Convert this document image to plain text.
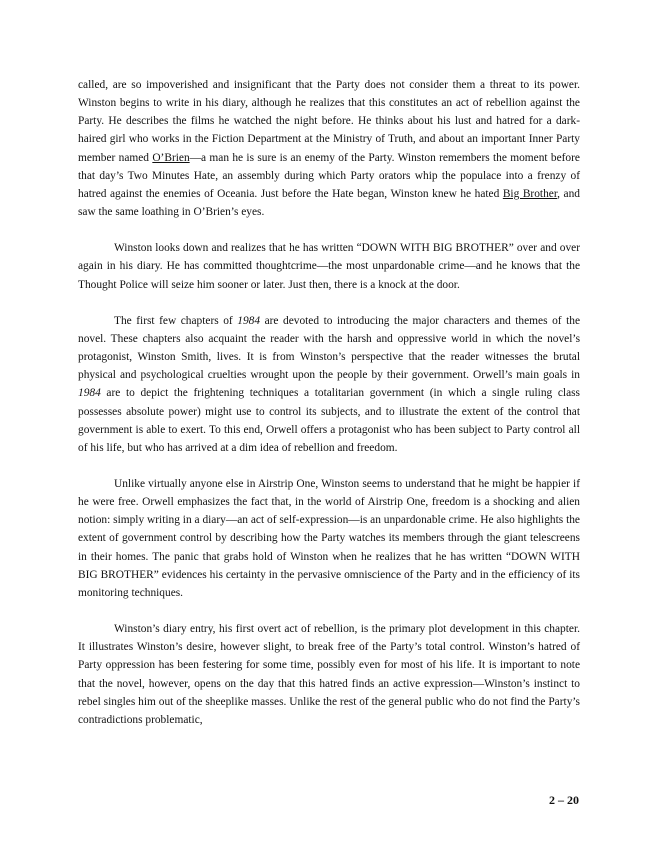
called, are so impoverished and insignificant that the Party does not consider them a threat to its power. Winston begins to write in his diary, although he realizes that this constitutes an act of rebellion against the Party. He describes the films he watched the night before. He thinks about his lust and hatred for a dark-haired girl who works in the Fiction Department at the Ministry of Truth, and about an important Inner Party member named O’Brien—a man he is sure is an enemy of the Party. Winston remembers the moment before that day’s Two Minutes Hate, an assembly during which Party orators whip the populace into a frenzy of hatred against the enemies of Oceania. Just before the Hate began, Winston knew he hated Big Brother, and saw the same loathing in O’Brien’s eyes.

Winston looks down and realizes that he has written “DOWN WITH BIG BROTHER” over and over again in his diary. He has committed thoughtcrime—the most unpardonable crime—and he knows that the Thought Police will seize him sooner or later. Just then, there is a knock at the door.

The first few chapters of 1984 are devoted to introducing the major characters and themes of the novel. These chapters also acquaint the reader with the harsh and oppressive world in which the novel’s protagonist, Winston Smith, lives. It is from Winston’s perspective that the reader witnesses the brutal physical and psychological cruelties wrought upon the people by their government. Orwell’s main goals in 1984 are to depict the frightening techniques a totalitarian government (in which a single ruling class possesses absolute power) might use to control its subjects, and to illustrate the extent of the control that government is able to exert. To this end, Orwell offers a protagonist who has been subject to Party control all of his life, but who has arrived at a dim idea of rebellion and freedom.

Unlike virtually anyone else in Airstrip One, Winston seems to understand that he might be happier if he were free. Orwell emphasizes the fact that, in the world of Airstrip One, freedom is a shocking and alien notion: simply writing in a diary—an act of self-expression—is an unpardonable crime. He also highlights the extent of government control by describing how the Party watches its members through the giant telescreens in their homes. The panic that grabs hold of Winston when he realizes that he has written “DOWN WITH BIG BROTHER” evidences his certainty in the pervasive omniscience of the Party and in the efficiency of its monitoring techniques.

Winston’s diary entry, his first overt act of rebellion, is the primary plot development in this chapter. It illustrates Winston’s desire, however slight, to break free of the Party’s total control. Winston’s hatred of Party oppression has been festering for some time, possibly even for most of his life. It is important to note that the novel, however, opens on the day that this hatred finds an active expression—Winston’s instinct to rebel singles him out of the sheeplike masses. Unlike the rest of the general public who do not find the Party’s contradictions problematic,

2 – 20
